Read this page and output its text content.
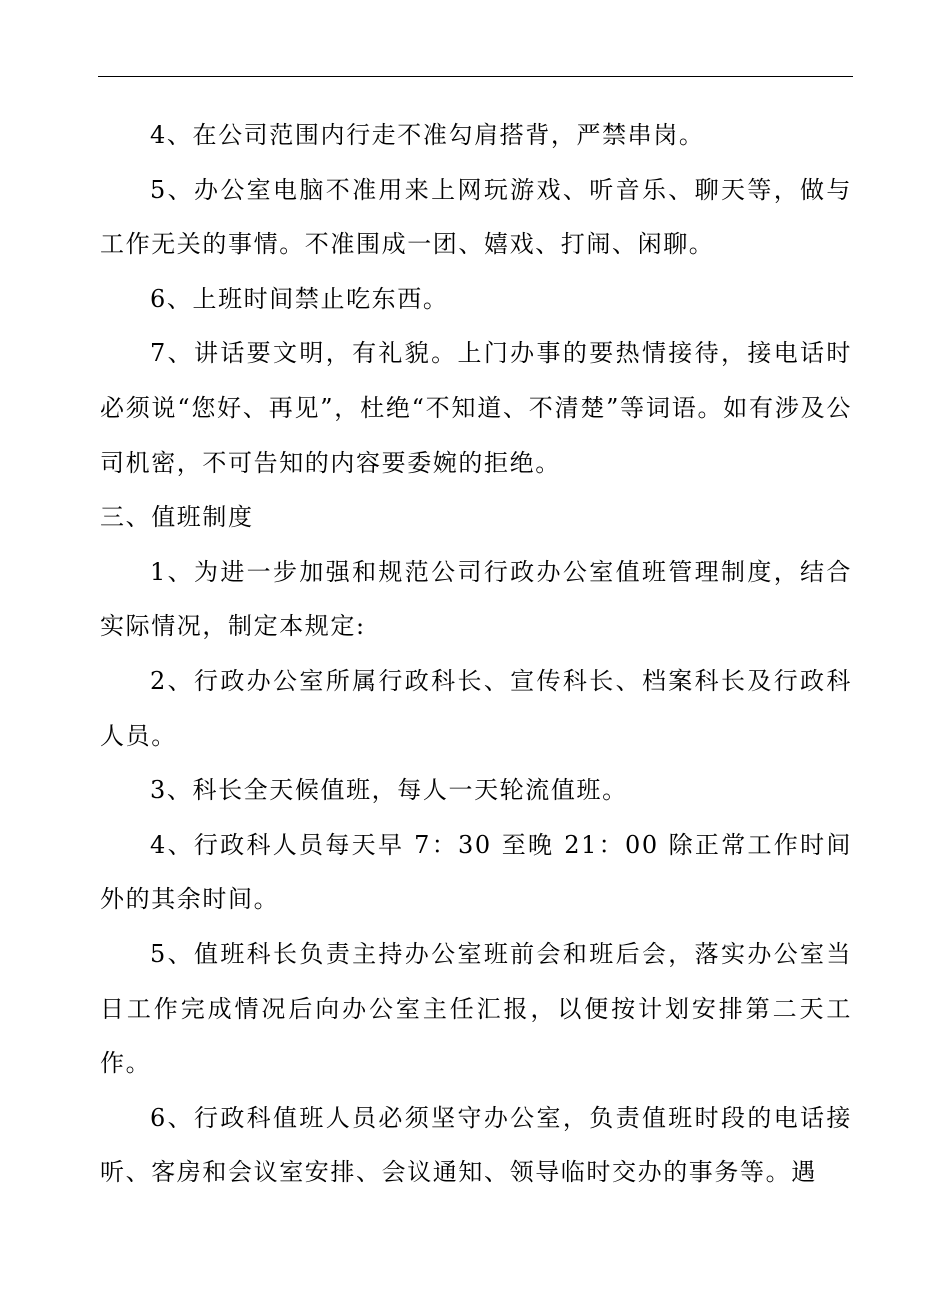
4、在公司范围内行走不准勾肩搭背，严禁串岗。

5、办公室电脑不准用来上网玩游戏、听音乐、聊天等，做与工作无关的事情。不准围成一团、嬉戏、打闹、闲聊。

6、上班时间禁止吃东西。

7、讲话要文明，有礼貌。上门办事的要热情接待，接电话时必须说“您好、再见”，杜绝“不知道、不清楚”等词语。如有涉及公司机密，不可告知的内容要委婉的拒绝。

三、值班制度

1、为进一步加强和规范公司行政办公室值班管理制度，结合实际情况，制定本规定:

2、行政办公室所属行政科长、宣传科长、档案科长及行政科人员。

3、科长全天候值班，每人一天轮流值班。

4、行政科人员每天早 7：30 至晚 21：00 除正常工作时间外的其余时间。

5、值班科长负责主持办公室班前会和班后会，落实办公室当日工作完成情况后向办公室主任汇报，以便按计划安排第二天工作。

6、行政科值班人员必须坚守办公室，负责值班时段的电话接听、客房和会议室安排、会议通知、领导临时交办的事务等。遇
